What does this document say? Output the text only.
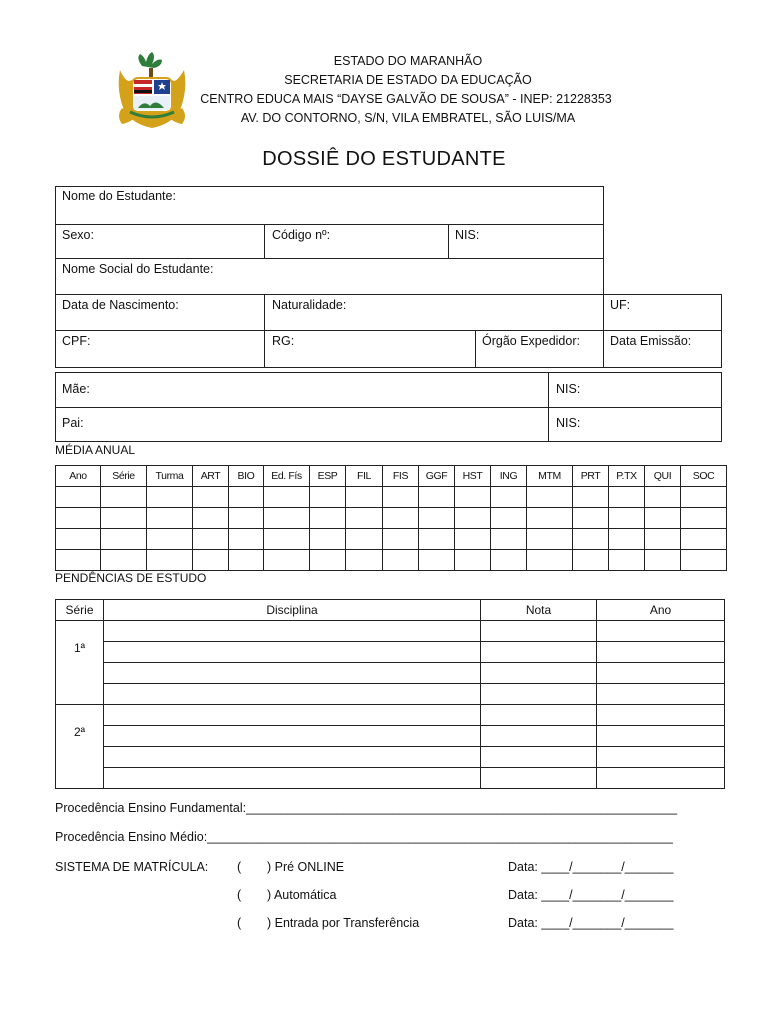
ESTADO DO MARANHÃO
SECRETARIA DE ESTADO DA EDUCAÇÃO
CENTRO EDUCA MAIS “DAYSE GALVÃO DE SOUSA” - INEP: 21228353
AV. DO CONTORNO, S/N, VILA EMBRATEL, SÃO LUIS/MA
DOSSIÊ DO ESTUDANTE
Nome do Estudante:
Sexo:	Código nº:	NIS:
Nome Social do Estudante:
Data de Nascimento:	Naturalidade:	UF:
CPF:	RG:	Órgão Expedidor: Data Emissão:
Mãe:	NIS:
Pai:	NIS:
MÉDIA ANUAL
Ano	Série	Turma	ART	BIO	Ed. Fís	ESP	FIL	FIS	GGF	HST	ING	MTM	PRT	P.TX	QUI	SOC

PENDÊNCIAS DE ESTUDO
Série	Disciplina	Nota	Ano
1ª			

2ª			

Procedência Ensino Fundamental:______________________________________________________________
Procedência Ensino Médio:___________________________________________________________________
SISTEMA DE MATRÍCULA: ( ) Pré ONLINE	Data: ____/_______/_______
( ) Automática	Data: ____/_______/_______
( ) Entrada por Transferência	Data: ____/_______/_______
